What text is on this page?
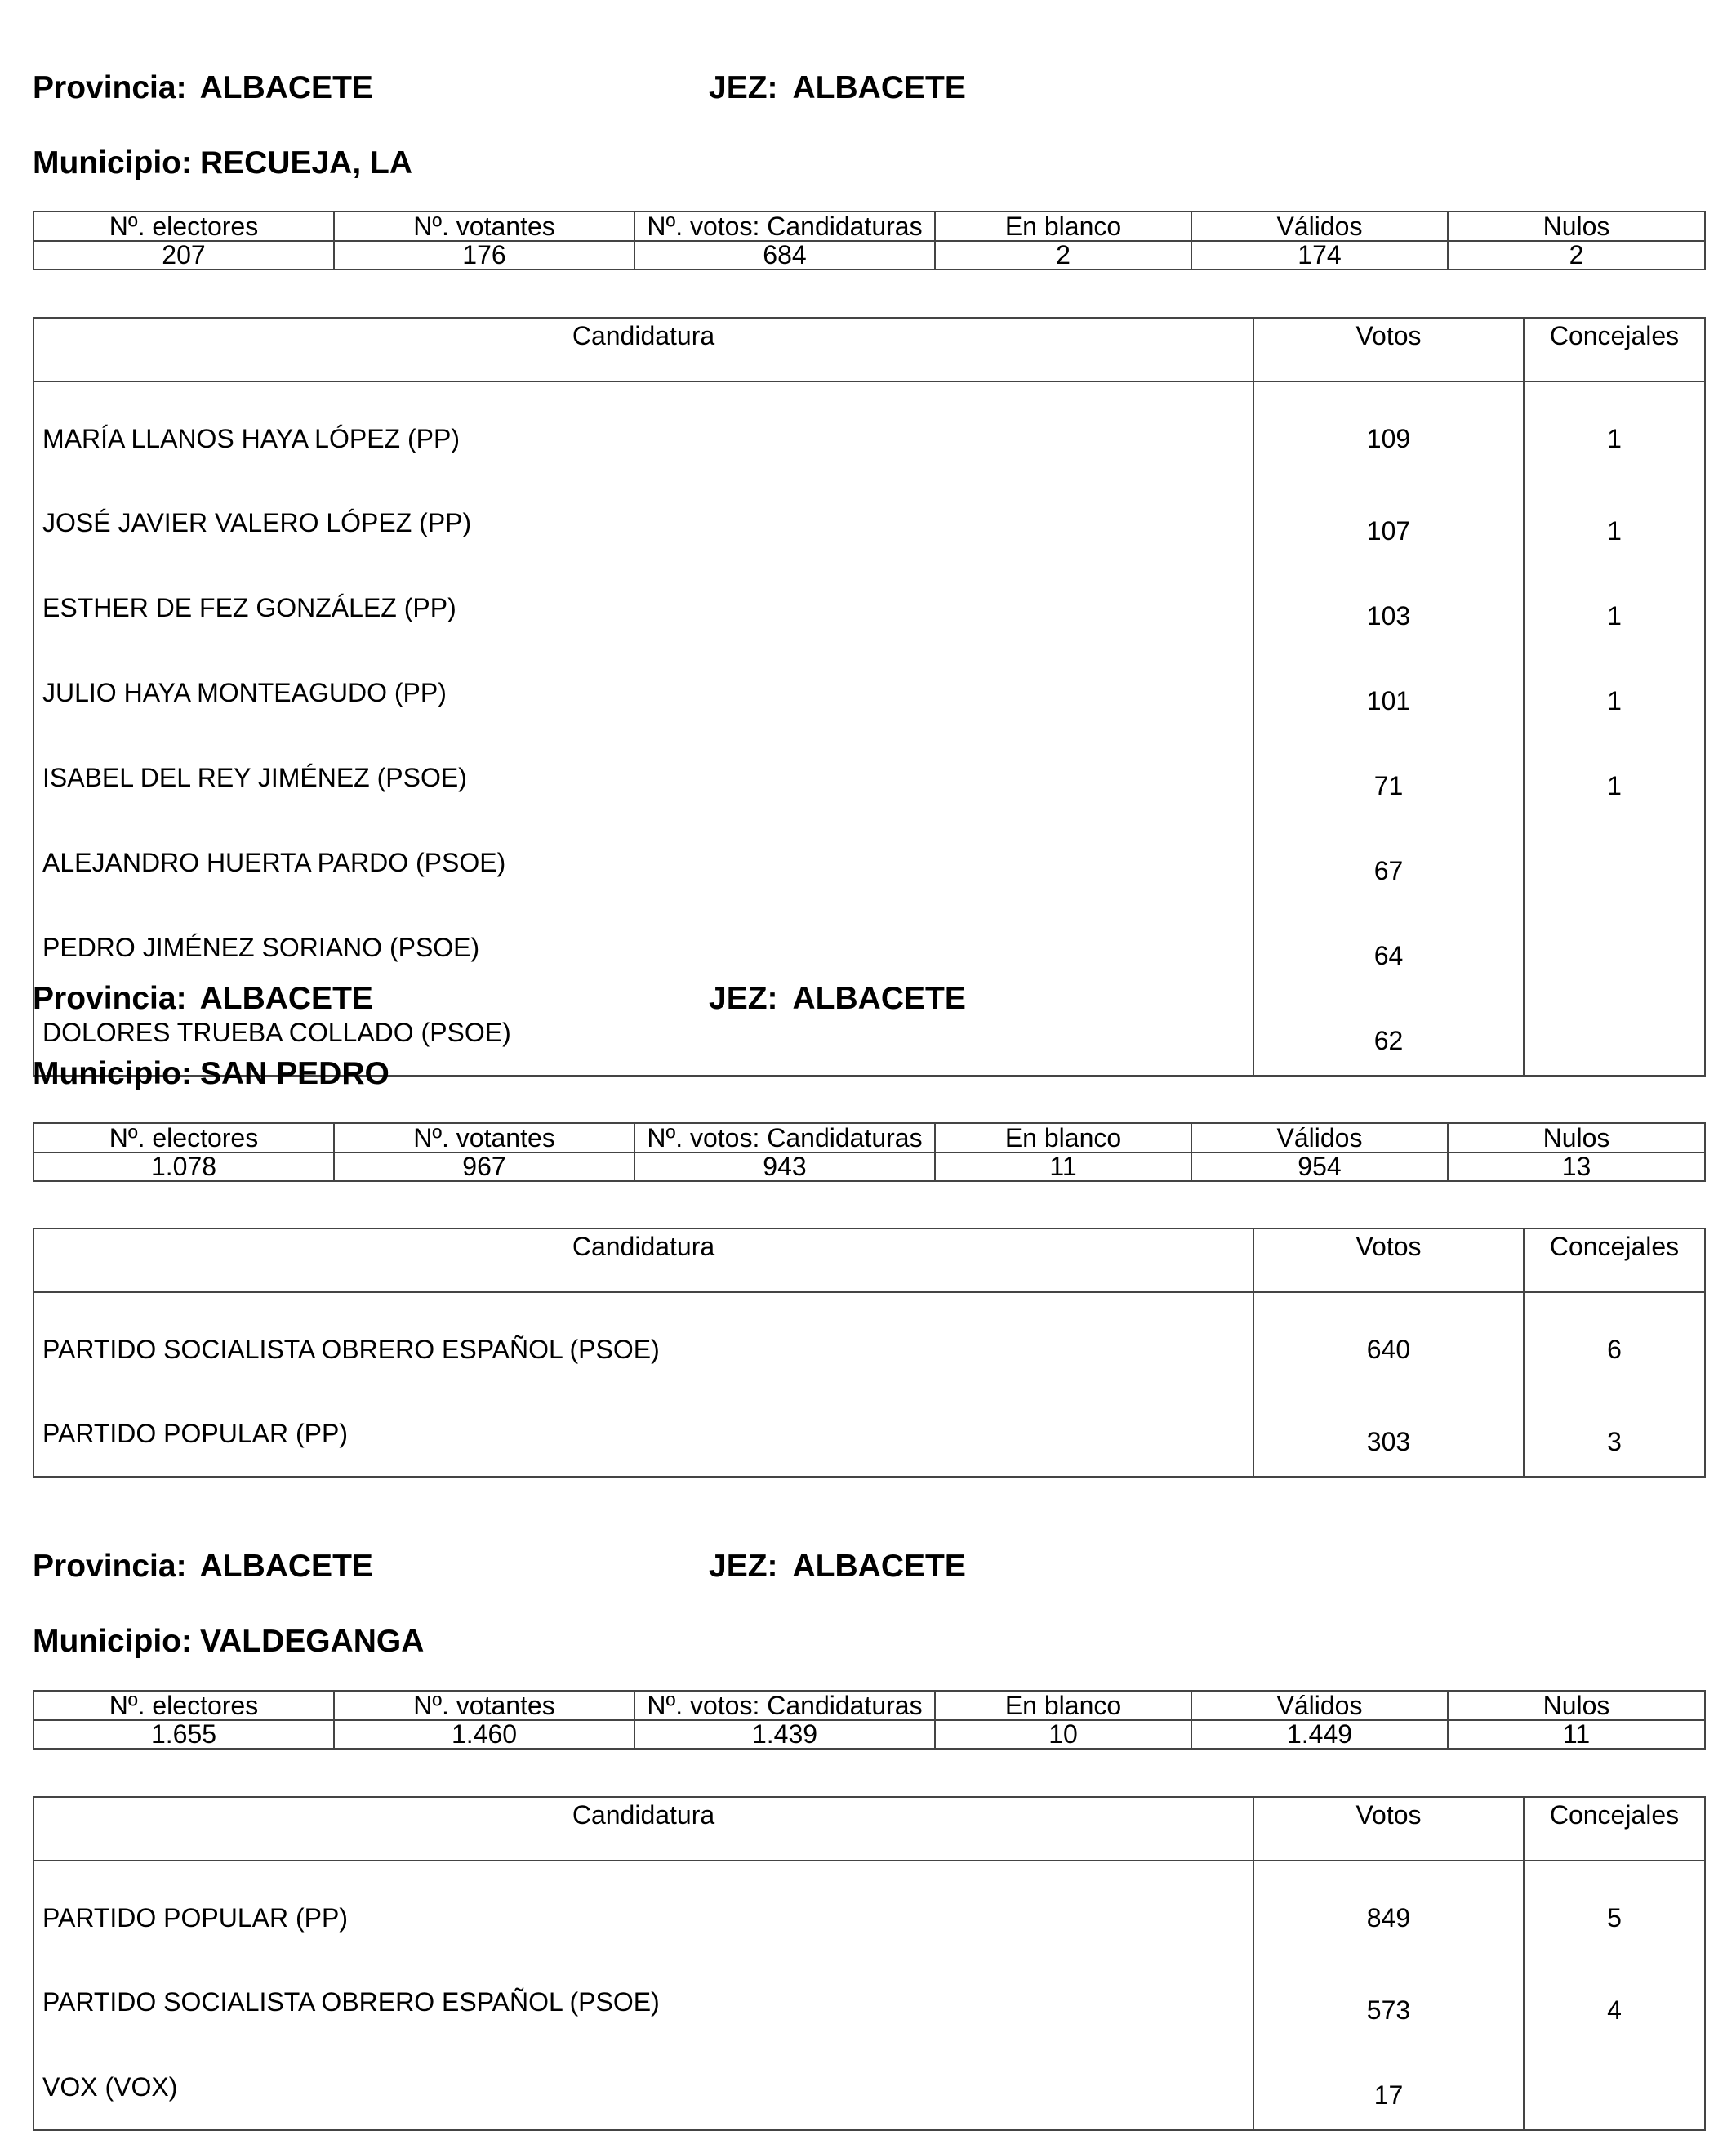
Provincia: ALBACETE	JEZ: ALBACETE
Municipio: RECUEJA, LA
Nº. electores	Nº. votantes	Nº. votos: Candidaturas	En blanco	Válidos	Nulos
207	176	684	2	174	2
Candidatura	Votos	Concejales
MARÍA LLANOS HAYA LÓPEZ (PP)	109	1
JOSÉ JAVIER VALERO LÓPEZ (PP)	107	1
ESTHER DE FEZ GONZÁLEZ (PP)	103	1
JULIO HAYA MONTEAGUDO (PP)	101	1
ISABEL DEL REY JIMÉNEZ (PSOE)	71	1
ALEJANDRO HUERTA PARDO (PSOE)	67	
PEDRO JIMÉNEZ SORIANO (PSOE)	64	
DOLORES TRUEBA COLLADO (PSOE)	62	
Provincia: ALBACETE	JEZ: ALBACETE
Municipio: SAN PEDRO
Nº. electores	Nº. votantes	Nº. votos: Candidaturas	En blanco	Válidos	Nulos
1.078	967	943	11	954	13
Candidatura	Votos	Concejales
PARTIDO SOCIALISTA OBRERO ESPAÑOL (PSOE)	640	6
PARTIDO POPULAR (PP)	303	3
Provincia: ALBACETE	JEZ: ALBACETE
Municipio: VALDEGANGA
Nº. electores	Nº. votantes	Nº. votos: Candidaturas	En blanco	Válidos	Nulos
1.655	1.460	1.439	10	1.449	11
Candidatura	Votos	Concejales
PARTIDO POPULAR (PP)	849	5
PARTIDO SOCIALISTA OBRERO ESPAÑOL (PSOE)	573	4
VOX (VOX)	17	
